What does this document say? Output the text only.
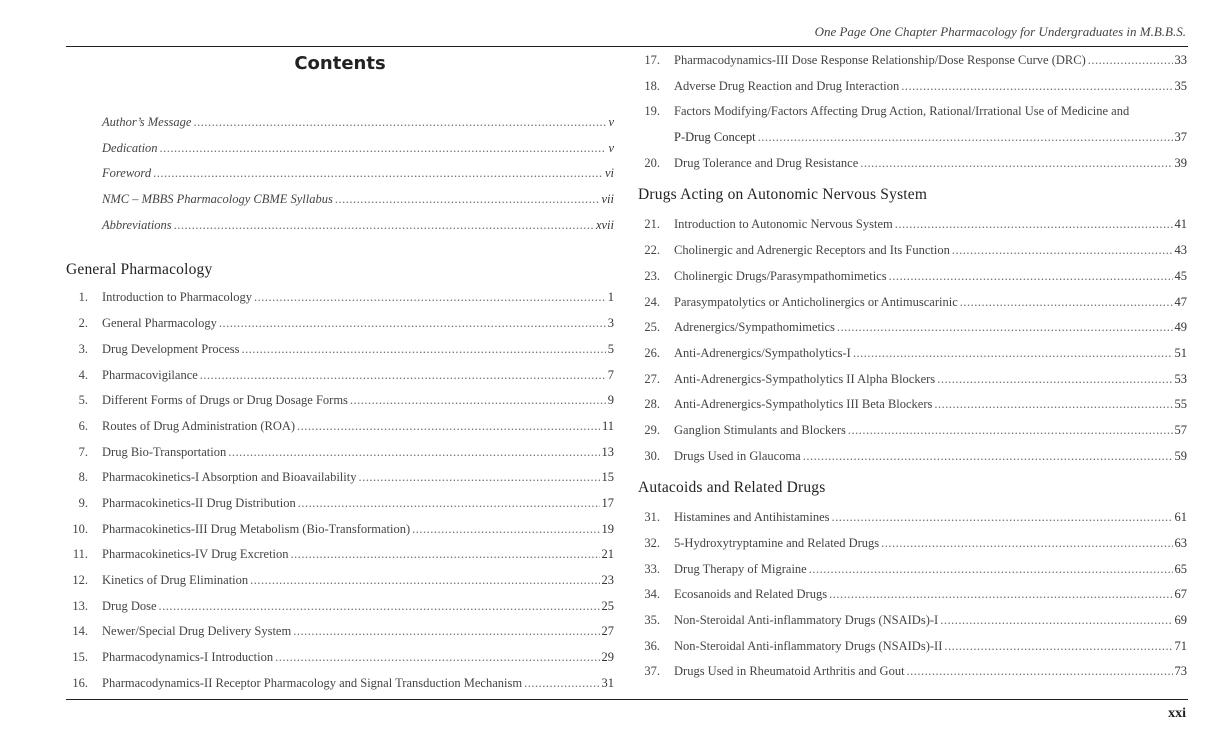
One Page One Chapter Pharmacology for Undergraduates in M.B.B.S.
Contents
Author’s Message .....	v
Dedication .....	v
Foreword .....	vi
NMC – MBBS Pharmacology CBME Syllabus .....	vii
Abbreviations .....	xvii
General Pharmacology
1. Introduction to Pharmacology .....	1
2. General Pharmacology .....	3
3. Drug Development Process .....	5
4. Pharmacovigilance .....	7
5. Different Forms of Drugs or Drug Dosage Forms .....	9
6. Routes of Drug Administration (ROA) .....	11
7. Drug Bio-Transportation .....	13
8. Pharmacokinetics-I Absorption and Bioavailability .....	15
9. Pharmacokinetics-II Drug Distribution .....	17
10. Pharmacokinetics-III Drug Metabolism (Bio-Transformation) .....	19
11. Pharmacokinetics-IV Drug Excretion .....	21
12. Kinetics of Drug Elimination .....	23
13. Drug Dose .....	25
14. Newer/Special Drug Delivery System .....	27
15. Pharmacodynamics-I Introduction .....	29
16. Pharmacodynamics-II Receptor Pharmacology and Signal Transduction Mechanism .....	31
17. Pharmacodynamics-III Dose Response Relationship/Dose Response Curve (DRC) .....	33
18. Adverse Drug Reaction and Drug Interaction .....	35
19. Factors Modifying/Factors Affecting Drug Action, Rational/Irrational Use of Medicine and
P-Drug Concept .....	37
20. Drug Tolerance and Drug Resistance .....	39
Drugs Acting on Autonomic Nervous System
21. Introduction to Autonomic Nervous System .....	41
22. Cholinergic and Adrenergic Receptors and Its Function .....	43
23. Cholinergic Drugs/Parasympathomimetics .....	45
24. Parasympatolytics or Anticholinergics or Antimuscarinic .....	47
25. Adrenergics/Sympathomimetics .....	49
26. Anti-Adrenergics/Sympatholytics-I .....	51
27. Anti-Adrenergics-Sympatholytics II Alpha Blockers .....	53
28. Anti-Adrenergics-Sympatholytics III Beta Blockers .....	55
29. Ganglion Stimulants and Blockers .....	57
30. Drugs Used in Glaucoma .....	59
Autacoids and Related Drugs
31. Histamines and Antihistamines .....	61
32. 5-Hydroxytryptamine and Related Drugs .....	63
33. Drug Therapy of Migraine .....	65
34. Ecosanoids and Related Drugs .....	67
35. Non-Steroidal Anti-inflammatory Drugs (NSAIDs)-I .....	69
36. Non-Steroidal Anti-inflammatory Drugs (NSAIDs)-II .....	71
37. Drugs Used in Rheumatoid Arthritis and Gout .....	73
xxi
